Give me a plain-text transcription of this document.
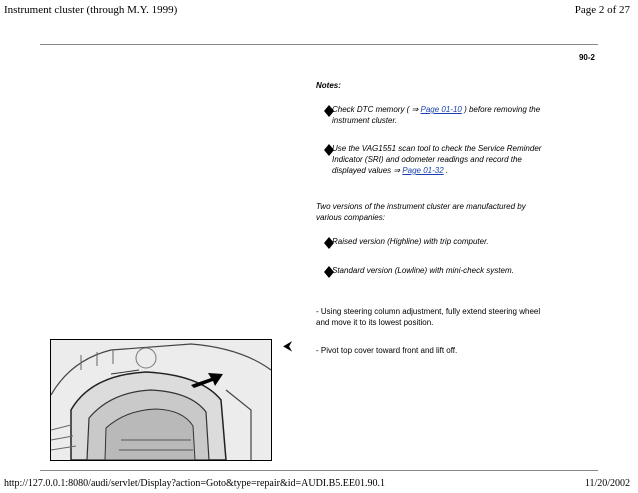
Instrument cluster (through M.Y. 1999)	Page 2 of 27
90-2
Notes:
Check DTC memory ( ⇒ Page 01-10 ) before removing the instrument cluster.
Use the VAG1551 scan tool to check the Service Reminder Indicator (SRI) and odometer readings and record the displayed values ⇒ Page 01-32 .
Two versions of the instrument cluster are manufactured by various companies:
Raised version (Highline) with trip computer.
Standard version (Lowline) with mini-check system.
- Using steering column adjustment, fully extend steering wheel and move it to its lowest position.
⮜	- Pivot top cover toward front and lift off.
http://127.0.0.1:8080/audi/servlet/Display?action=Goto&type=repair&id=AUDI.B5.EE01.90.1	11/20/2002
